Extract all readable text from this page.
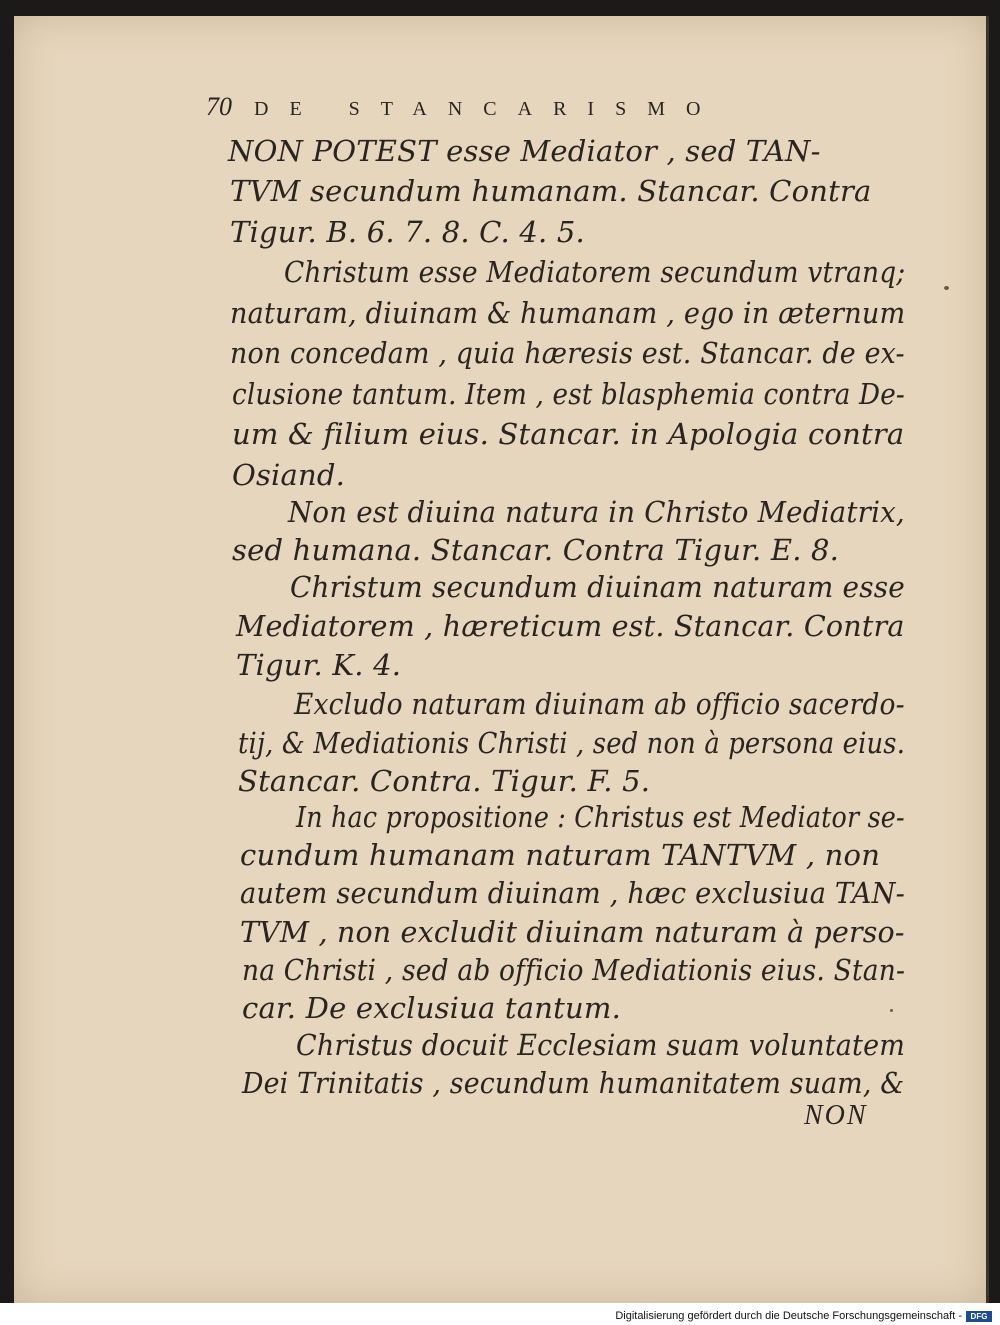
70 DE STANCARISMO
NON POTEST esse Mediator , sed TAN-
TVM secundum humanam. Stancar. Contra
Tigur. B. 6. 7. 8. C. 4. 5.
Christum esse Mediatorem secundum vtranq;
naturam, diuinam & humanam , ego in æternum
non concedam , quia hæresis est. Stancar. de ex-
clusione tantum. Item , est blasphemia contra De-
um & filium eius. Stancar. in Apologia contra
Osiand.
Non est diuina natura in Christo Mediatrix,
sed humana. Stancar. Contra Tigur. E. 8.
Christum secundum diuinam naturam esse
Mediatorem , hæreticum est. Stancar. Contra
Tigur. K. 4.
Excludo naturam diuinam ab officio sacerdo-
tij, & Mediationis Christi , sed non à persona eius.
Stancar. Contra. Tigur. F. 5.
In hac propositione : Christus est Mediator se-
cundum humanam naturam TANTVM , non
autem secundum diuinam , hæc exclusiua TAN-
TVM , non excludit diuinam naturam à perso-
na Christi , sed ab officio Mediationis eius. Stan-
car. De exclusiua tantum.
Christus docuit Ecclesiam suam voluntatem
Dei Trinitatis , secundum humanitatem suam, &
NON
Digitalisierung gefördert durch die Deutsche Forschungsgemeinschaft -	DFG
